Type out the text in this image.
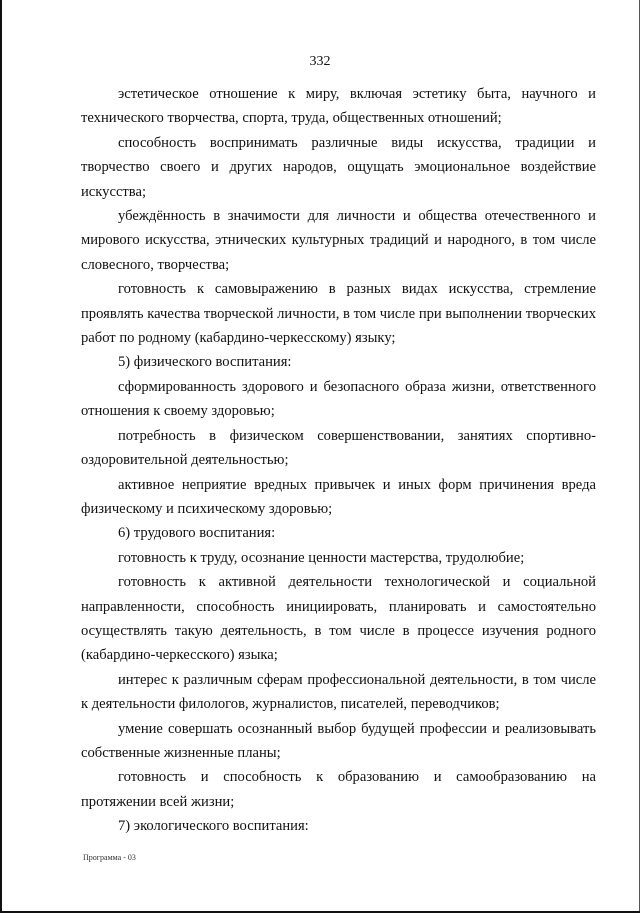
332

эстетическое отношение к миру, включая эстетику быта, научного и технического творчества, спорта, труда, общественных отношений;

способность воспринимать различные виды искусства, традиции и творчество своего и других народов, ощущать эмоциональное воздействие искусства;

убеждённость в значимости для личности и общества отечественного и мирового искусства, этнических культурных традиций и народного, в том числе словесного, творчества;

готовность к самовыражению в разных видах искусства, стремление проявлять качества творческой личности, в том числе при выполнении творческих работ по родному (кабардино-черкесскому) языку;

5) физического воспитания:

сформированность здорового и безопасного образа жизни, ответственного отношения к своему здоровью;

потребность в физическом совершенствовании, занятиях спортивно-оздоровительной деятельностью;

активное неприятие вредных привычек и иных форм причинения вреда физическому и психическому здоровью;

6) трудового воспитания:

готовность к труду, осознание ценности мастерства, трудолюбие;

готовность к активной деятельности технологической и социальной направленности, способность инициировать, планировать и самостоятельно осуществлять такую деятельность, в том числе в процессе изучения родного (кабардино-черкесского) языка;

интерес к различным сферам профессиональной деятельности, в том числе к деятельности филологов, журналистов, писателей, переводчиков;

умение совершать осознанный выбор будущей профессии и реализовывать собственные жизненные планы;

готовность и способность к образованию и самообразованию на протяжении всей жизни;

7) экологического воспитания:

Программа - 03
